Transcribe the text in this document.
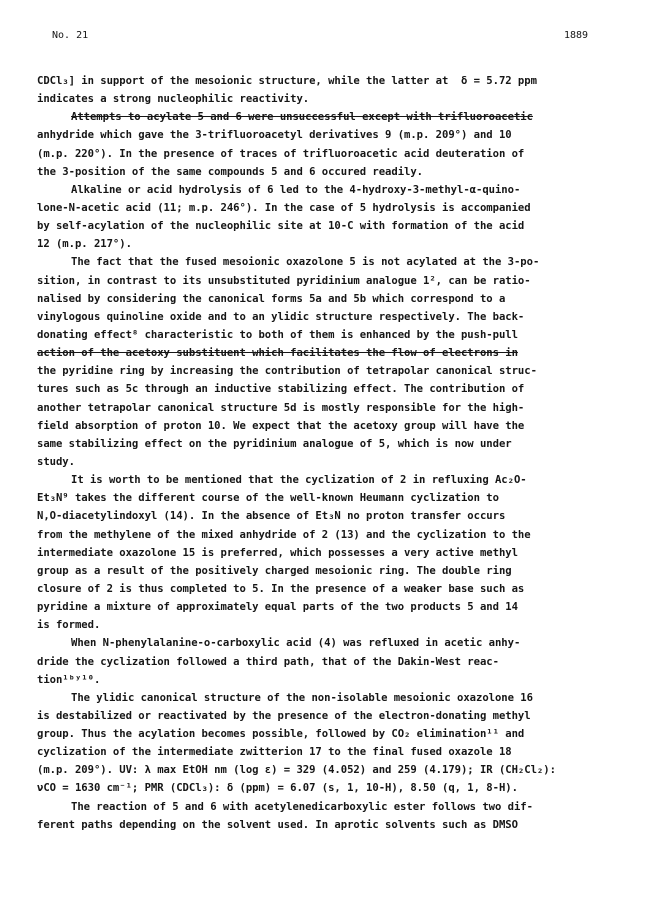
No. 21	1889
CDCl₃] in support of the mesoionic structure, while the latter at  δ = 5.72 ppm
indicates a strong nucleophilic reactivity.
Attempts to acylate 5 and 6 were unsuccessful except with trifluoroacetic
anhydride which gave the 3-trifluoroacetyl derivatives 9 (m.p. 209°) and 10
(m.p. 220°). In the presence of traces of trifluoroacetic acid deuteration of
the 3-position of the same compounds 5 and 6 occured readily.
Alkaline or acid hydrolysis of 6 led to the 4-hydroxy-3-methyl-α-quino-
lone-N-acetic acid (11; m.p. 246°). In the case of 5 hydrolysis is accompanied
by self-acylation of the nucleophilic site at 10-C with formation of the acid
12 (m.p. 217°).
The fact that the fused mesoionic oxazolone 5 is not acylated at the 3-po-
sition, in contrast to its unsubstituted pyridinium analogue 1², can be ratio-
nalised by considering the canonical forms 5a and 5b which correspond to a
vinylogous quinoline oxide and to an ylidic structure respectively. The back-
donating effect⁸ characteristic to both of them is enhanced by the push-pull
action of the acetoxy substituent which facilitates the flow of electrons in
the pyridine ring by increasing the contribution of tetrapolar canonical struc-
tures such as 5c through an inductive stabilizing effect. The contribution of
another tetrapolar canonical structure 5d is mostly responsible for the high-
field absorption of proton 10. We expect that the acetoxy group will have the
same stabilizing effect on the pyridinium analogue of 5, which is now under
study.
It is worth to be mentioned that the cyclization of 2 in refluxing Ac₂O-
Et₃N⁹ takes the different course of the well-known Heumann cyclization to
N,O-diacetylindoxyl (14). In the absence of Et₃N no proton transfer occurs
from the methylene of the mixed anhydride of 2 (13) and the cyclization to the
intermediate oxazolone 15 is preferred, which possesses a very active methyl
group as a result of the positively charged mesoionic ring. The double ring
closure of 2 is thus completed to 5. In the presence of a weaker base such as
pyridine a mixture of approximately equal parts of the two products 5 and 14
is formed.
When N-phenylalanine-o-carboxylic acid (4) was refluxed in acetic anhy-
dride the cyclization followed a third path, that of the Dakin-West reac-
tion¹ᵇʸ¹⁰.
The ylidic canonical structure of the non-isolable mesoionic oxazolone 16
is destabilized or reactivated by the presence of the electron-donating methyl
group. Thus the acylation becomes possible, followed by CO₂ elimination¹¹ and
cyclization of the intermediate zwitterion 17 to the final fused oxazole 18
(m.p. 209°). UV: λ max EtOH nm (log ε) = 329 (4.052) and 259 (4.179); IR (CH₂Cl₂):
νCO = 1630 cm⁻¹; PMR (CDCl₃): δ (ppm) = 6.07 (s, 1, 10-H), 8.50 (q, 1, 8-H).
The reaction of 5 and 6 with acetylenedicarboxylic ester follows two dif-
ferent paths depending on the solvent used. In aprotic solvents such as DMSO
